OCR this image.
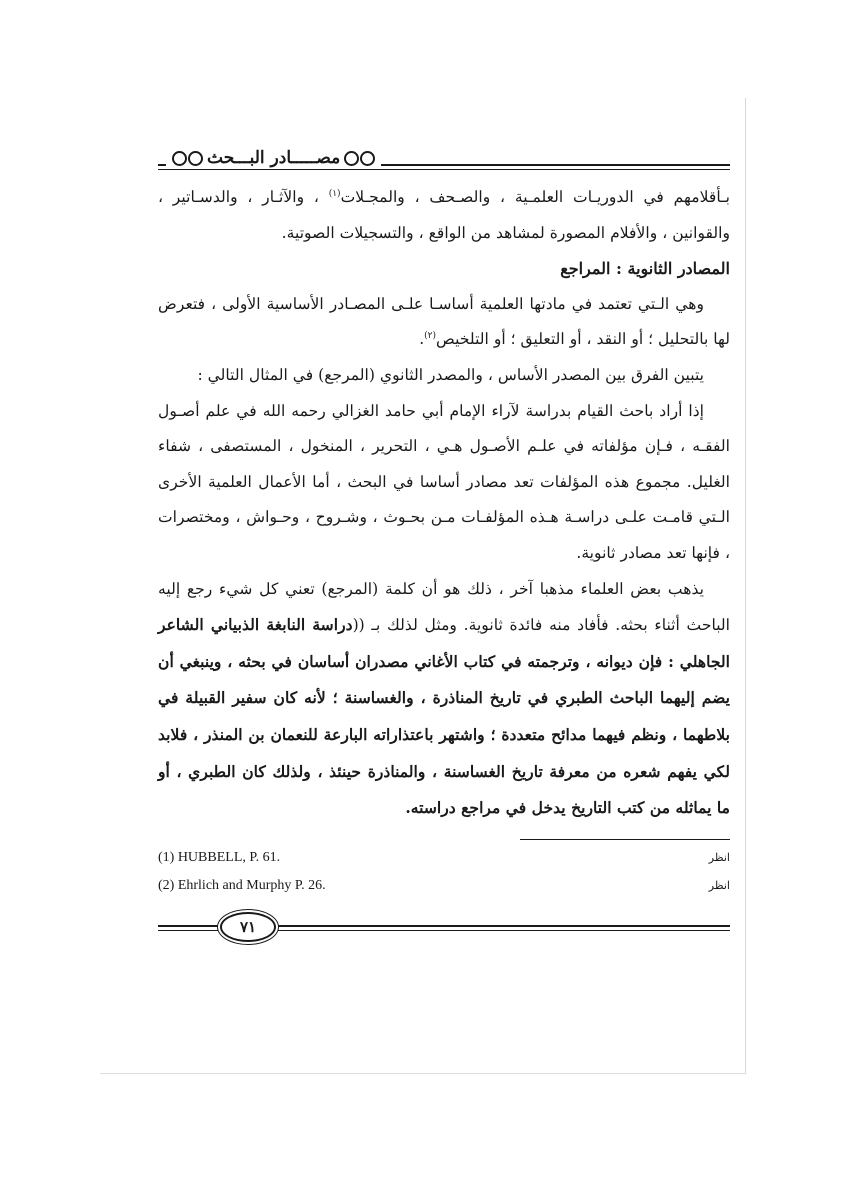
مصـــــادر البـــحث

بـأقلامهم في الدوريـات العلمـية ، والصـحف ، والمجـلات$^{(١)}$ ، والآثـار ، والدسـاتير ، والقوانين ، والأفلام المصورة لمشاهد من الواقع ، والتسجيلات الصوتية.

المصادر الثانوية : المراجع

وهي الـتي تعتمد في مادتها العلمية أساسـا علـى المصـادر الأساسية الأولى ، فتعرض لها بالتحليل ؛ أو النقد ، أو التعليق ؛ أو التلخيص$^{(٢)}$.

يتبين الفرق بين المصدر الأساس ، والمصدر الثانوي (المرجع) في المثال التالي :

إذا أراد باحث القيام بدراسة لآراء الإمام أبي حامد الغزالي رحمه الله في علم أصـول الفقـه ، فـإن مؤلفاته في علـم الأصـول هـي ، التحرير ، المنخول ، المستصفى ، شفاء الغليل. مجموع هذه المؤلفات تعد مصادر أساسا في البحث ، أما الأعمال العلمية الأخرى الـتي قامـت علـى دراسـة هـذه المؤلفـات مـن بحـوث ، وشـروح ، وحـواش ، ومختصرات ، فإنها تعد مصادر ثانوية.

يذهب بعض العلماء مذهبا آخر ، ذلك هو أن كلمة (المرجع) تعني كل شيء رجع إليه الباحث أثناء بحثه. فأفاد منه فائدة ثانوية. ومثل لذلك بـ ((دراسة النابغة الذبياني الشاعر الجاهلي : فإن ديوانه ، وترجمته في كتاب الأغاني مصدران أساسان في بحثه ، وينبغي أن يضم إليهما الباحث الطبري في تاريخ المناذرة ، والغساسنة ؛ لأنه كان سفير القبيلة في بلاطهما ، ونظم فيهما مدائح متعددة ؛ واشتهر باعتذاراته البارعة للنعمان بن المنذر ، فلابد لكي يفهم شعره من معرفة تاريخ الغساسنة ، والمناذرة حينئذ ، ولذلك كان الطبري ، أو ما يماثله من كتب التاريخ يدخل في مراجع دراسته.

انظر
(1) HUBBELL, P. 61.
انظر
(2) Ehrlich and Murphy P. 26.
٧١
